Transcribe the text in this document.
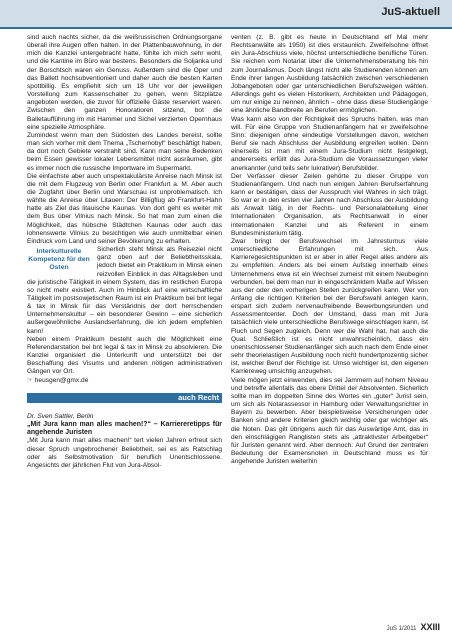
JuS-aktuell

sind auch nachts sicher, da die weißrussischen Ordnungsorgane überall ihre Augen offen halten. In der Plattenbauwohnung, in der mich die Kanzlei untergebracht hatte, fühlte ich mich sehr wohl, und die Kantine im Büro war bestens. Besonders die Soljanka und der Borschtsch waren ein Genuss. Außerdem sind die Oper und das Ballett hochsubventioniert und daher auch die besten Karten spottbillig. Es empfiehlt sich um 18 Uhr vor der jeweiligen Vorstellung zum Kassenschalter zu gehen, wenn Sitzplätze angeboten werden, die zuvor für offizielle Gäste reserviert waren. Zwischen den ganzen Honoratioren sitzend, bot die Balletaufführung im mit Hammer und Sichel verzierten Opernhaus eine spezielle Atmosphäre.

Zumindest wenn man den Südosten des Landes bereist, sollte man sich vorher mit dem Thema „Tschernobyl“ beschäftigt haben, da dort noch Gebiete verstrahlt sind. Kann man seine Bedenken beim Essen gewisser lokaler Lebensmittel nicht ausräumen, gibt es immer noch die russische Importware im Supermarkt.

Die einfachste aber auch unspektakulärste Anreise nach Minsk ist die mit dem Flugzeug von Berlin oder Frankfurt a. M. Aber auch die Zugfahrt über Berlin und Warschau ist unproblematisch. Ich wählte die Anreise über Litauen: Der Billigflug ab Frankfurt-Hahn hatte als Ziel das litauische Kaunas. Von dort geht es weiter mit dem Bus über Vilnius nach Minsk. So hat man zum einen die Möglichkeit, das hübsche Städtchen Kaunas oder auch das lohnenswerte Vilnius zu besichtigen wie auch unmittelbar einen Eindruck vom Land und seiner Bevölkerung zu erhalten.

Interkulturelle Kompetenz für den Osten

Sicherlich steht Minsk als Reiseziel nicht ganz oben auf der Beliebtheitsskala, jedoch bietet ein Praktikum in Minsk einen reizvollen Einblick in das Alltagsleben und die juristische Tätigkeit in einem System, das im restlichen Europa so nicht mehr existiert. Auch im Hinblick auf eine wirtschaftliche Tätigkeit im postsowjetischen Raum ist ein Praktikum bei bnt legal & tax in Minsk für das Verständnis der dort herrschenden Unternehmenskultur – ein besonderer Gewinn – eine sicherlich außergewöhnliche Auslandserfahrung, die ich jedem empfehlen kann!

Neben einem Praktikum besteht auch die Möglichkeit eine Referendarstation bei bnt legal & tax in Minsk zu absolvieren. Die Kanzlei organisiert die Unterkunft und unterstützt bei der Beschaffung des Visums und anderen nötigen administrativen Gängen vor Ort.

☞ heusgen@gmx.de

auch Recht

Dr. Sven Sattler, Berlin

„Mit Jura kann man alles machen!?“ – Karriereretipps für angehende Juristen

„Mit Jura kann man alles machen!“ tert vielen Jahren erfreut sich dieser Spruch ungebrochener Beliebtheit, sei es als Ratschlag oder als Selbstmotivation für beruflich Unentschlossene. Angesichts der jährlichen Flut von Jura-Absol-

venten (z. B. gibt es heute in Deutschland elf Mal mehr Rechtsanwälte als 1950) ist dies erstaunlich. Zweifelsohne öffnet ein Jura-Abschluss viele, höchst unterschiedliche berufliche Türen. Sie reichen vom Notariat über die Unternehmensberatung bis hin zum Journalismus. Doch längst nicht alle Studierenden können am Ende ihrer langen Ausbildung tatsächlich zwischen verschiedenen Jobangeboten oder gar unterschiedlichen Berufszweigen wählen. Allerdings geht es vielen Historikern, Architekten und Pädagogen, um nur einige zu nennen, ähnlich – ohne dass diese Studiengänge eine ähnliche Bandbreite an Berufen ermöglichen.

Was kann also von der Richtigkeit des Spruchs halten, was man will. Für eine Gruppe von Studienanfängern hat er zweifelsohne Sinn: diejenigen ohne eindeutige Vorstellungen davon, welchen Beruf sie nach Abschluss der Ausbildung ergreifen wollen. Denn einerseits ist man mit einem Jura-Studium nicht festgelegt, andererseits erfüllt das Jura-Studium die Voraussetzungen vieler anerkannter (und teils sehr lukrativer) Berufsbilder.

Der Verfasser dieser Zeilen gehörte zu dieser Gruppe von Studienanfängern. Und nach nun einigen Jahren Berufserfahrung kann er bestätigen, dass der Ausspruch viel Wahres in sich trägt. So war er in den ersten vier Jahren nach Abschluss der Ausbildung als Anwalt tätig, in der Rechts- und Personalabteilung einer Internationalen Organisation, als Rechtsanwalt in einer internationalen Kanzlei und als Referent in einem Bundesministerium tätig.

Zwar bringt der Berufswechsel im Jahresturnus viele unterschiedliche Erfahrungen mit sich. Aus Karrieregesichtspunkten ist er aber in aller Regel alles andere als zu empfehlen. Anders als bei einem Aufstieg innerhalb eines Unternehmens etwa ist ein Wechsel zumeist mit einem Neubeginn verbunden, bei dem man nur in eingeschränktem Maße auf Wissen aus der oder den vorherigen Stellen zurückgreifen kann. Wer von Anfang die richtigen Kriterien bei der Berufswahl anlegen kann, erspart sich zudem nervenaufreibende Bewerbungsrunden und Assessmentcenter. Doch der Umstand, dass man mit Jura tatsächlich viele unterschiedliche Berufswege einschlagen kann, ist Fluch und Segen zugleich. Denn wer die Wahl hat, hat auch die Qual. Schließlich ist es nicht unwahrscheinlich, dass ein unentschlossener Studienanfänger sich auch nach dem Ende einer sehr theorielastigen Ausbildung noch nicht hundertprozentig sicher ist, welcher Beruf der Richtige ist. Umso wichtiger ist, den eigenen Karriereweg umsichtig anzugehen.

Viele mögen jetzt einwenden, dies sei Jammern auf hohem Niveau und betreffe allenfalls das obere Drittel der Absolventen. Sicherlich sollte man im doppelten Sinne des Wortes ein „guter“ Jurist sein, um sich als Notarassessor in Hamburg oder Verwaltungsrichter in Bayern zu bewerben. Aber beispielsweise Versicherungen oder Banken sind andere Kriterien gleich wichtig oder gar wichtiger als die Noten. Das gilt übrigens auch für das Auswärtige Amt, das in den einschlägigen Ranglisten stets als „attraktivster Arbeitgeber“ für Juristen genannt wird. Aber dennoch: Auf Grund der zentralen Bedeutung der Examensnoten in Deutschland muss es für angehende Juristen weiterhin

JuS 1/2011 XXIII
